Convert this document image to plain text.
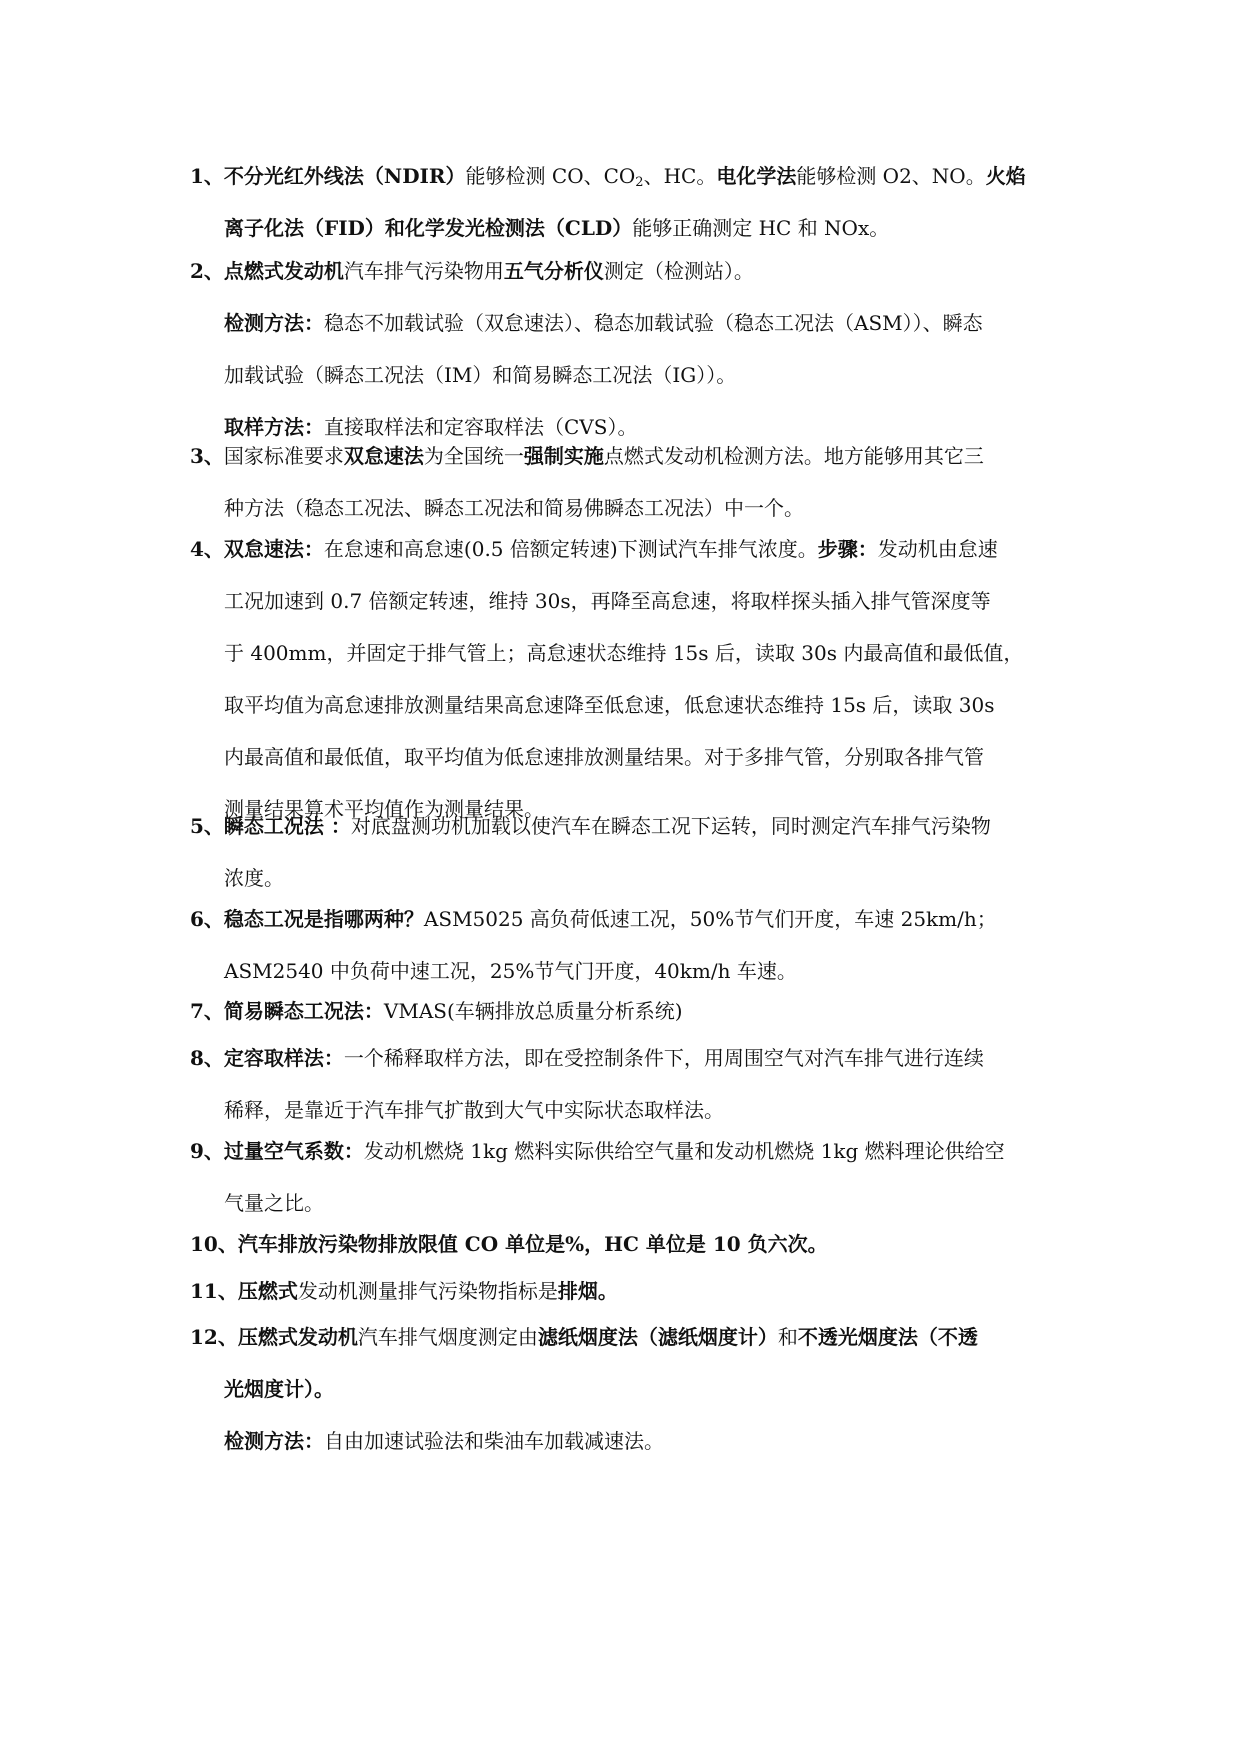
1、不分光红外线法（NDIR）能够检测 CO、$CO_2$、HC。电化学法能够检测 O2、NO。火焰
离子化法（FID）和化学发光检测法（CLD）能够正确测定 HC 和 NOx。
2、点燃式发动机汽车排气污染物用五气分析仪测定（检测站）。
检测方法：稳态不加载试验（双怠速法）、稳态加载试验（稳态工况法（ASM））、瞬态
加载试验（瞬态工况法（IM）和简易瞬态工况法（IG））。
取样方法：直接取样法和定容取样法（CVS）。
3、国家标准要求双怠速法为全国统一强制实施点燃式发动机检测方法。地方能够用其它三
种方法（稳态工况法、瞬态工况法和简易佛瞬态工况法）中一个。
4、双怠速法：在怠速和高怠速(0.5 倍额定转速)下测试汽车排气浓度。步骤：发动机由怠速
工况加速到 0.7 倍额定转速，维持 30s，再降至高怠速，将取样探头插入排气管深度等
于 400mm，并固定于排气管上；高怠速状态维持 15s 后，读取 30s 内最高值和最低值，
取平均值为高怠速排放测量结果高怠速降至低怠速，低怠速状态维持 15s 后，读取 30s
内最高值和最低值，取平均值为低怠速排放测量结果。对于多排气管，分别取各排气管
测量结果算术平均值作为测量结果。
5、瞬态工况法 ：对底盘测功机加载以使汽车在瞬态工况下运转，同时测定汽车排气污染物
浓度。
6、稳态工况是指哪两种？ASM5025 高负荷低速工况，50%节气们开度，车速 25km/h；
ASM2540 中负荷中速工况，25%节气门开度，40km/h 车速。
7、简易瞬态工况法：VMAS(车辆排放总质量分析系统)
8、定容取样法：一个稀释取样方法，即在受控制条件下，用周围空气对汽车排气进行连续
稀释，是靠近于汽车排气扩散到大气中实际状态取样法。
9、过量空气系数：发动机燃烧 1kg 燃料实际供给空气量和发动机燃烧 1kg 燃料理论供给空
气量之比。
10、汽车排放污染物排放限值 CO 单位是%，HC 单位是 10 负六次。
11、压燃式发动机测量排气污染物指标是排烟。
12、压燃式发动机汽车排气烟度测定由滤纸烟度法（滤纸烟度计）和不透光烟度法（不透
光烟度计）。
检测方法：自由加速试验法和柴油车加载减速法。
